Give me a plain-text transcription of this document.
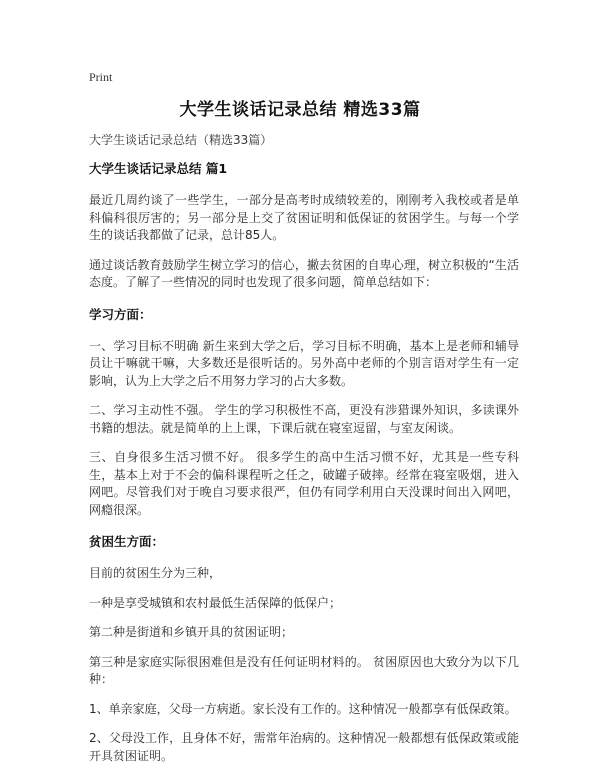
Print
大学生谈话记录总结 精选33篇
大学生谈话记录总结（精选33篇）
大学生谈话记录总结 篇1

最近几周约谈了一些学生，一部分是高考时成绩较差的，刚刚考入我校或者是单科偏科很厉害的；另一部分是上交了贫困证明和低保证的贫困学生。与每一个学生的谈话我都做了记录，总计85人。

通过谈话教育鼓励学生树立学习的信心，撇去贫困的自卑心理，树立积极的“生活态度。了解了一些情况的同时也发现了很多问题，简单总结如下：

学习方面：

一、学习目标不明确 新生来到大学之后，学习目标不明确，基本上是老师和辅导员让干嘛就干嘛，大多数还是很听话的。另外高中老师的个别言语对学生有一定影响，认为上大学之后不用努力学习的占大多数。

二、学习主动性不强。 学生的学习积极性不高，更没有涉猎课外知识，多读课外书籍的想法。就是简单的上上课，下课后就在寝室逗留，与室友闲谈。

三、自身很多生活习惯不好。 很多学生的高中生活习惯不好，尤其是一些专科生，基本上对于不会的偏科课程听之任之，破罐子破摔。经常在寝室吸烟，进入网吧。尽管我们对于晚自习要求很严，但仍有同学利用白天没课时间出入网吧，网瘾很深。

贫困生方面：

目前的贫困生分为三种，

一种是享受城镇和农村最低生活保障的低保户；

第二种是街道和乡镇开具的贫困证明；

第三种是家庭实际很困难但是没有任何证明材料的。 贫困原因也大致分为以下几种：

1、单亲家庭，父母一方病逝。家长没有工作的。这种情况一般都享有低保政策。

2、父母没工作，且身体不好，需常年治病的。这种情况一般都想有低保政策或能开具贫困证明。
